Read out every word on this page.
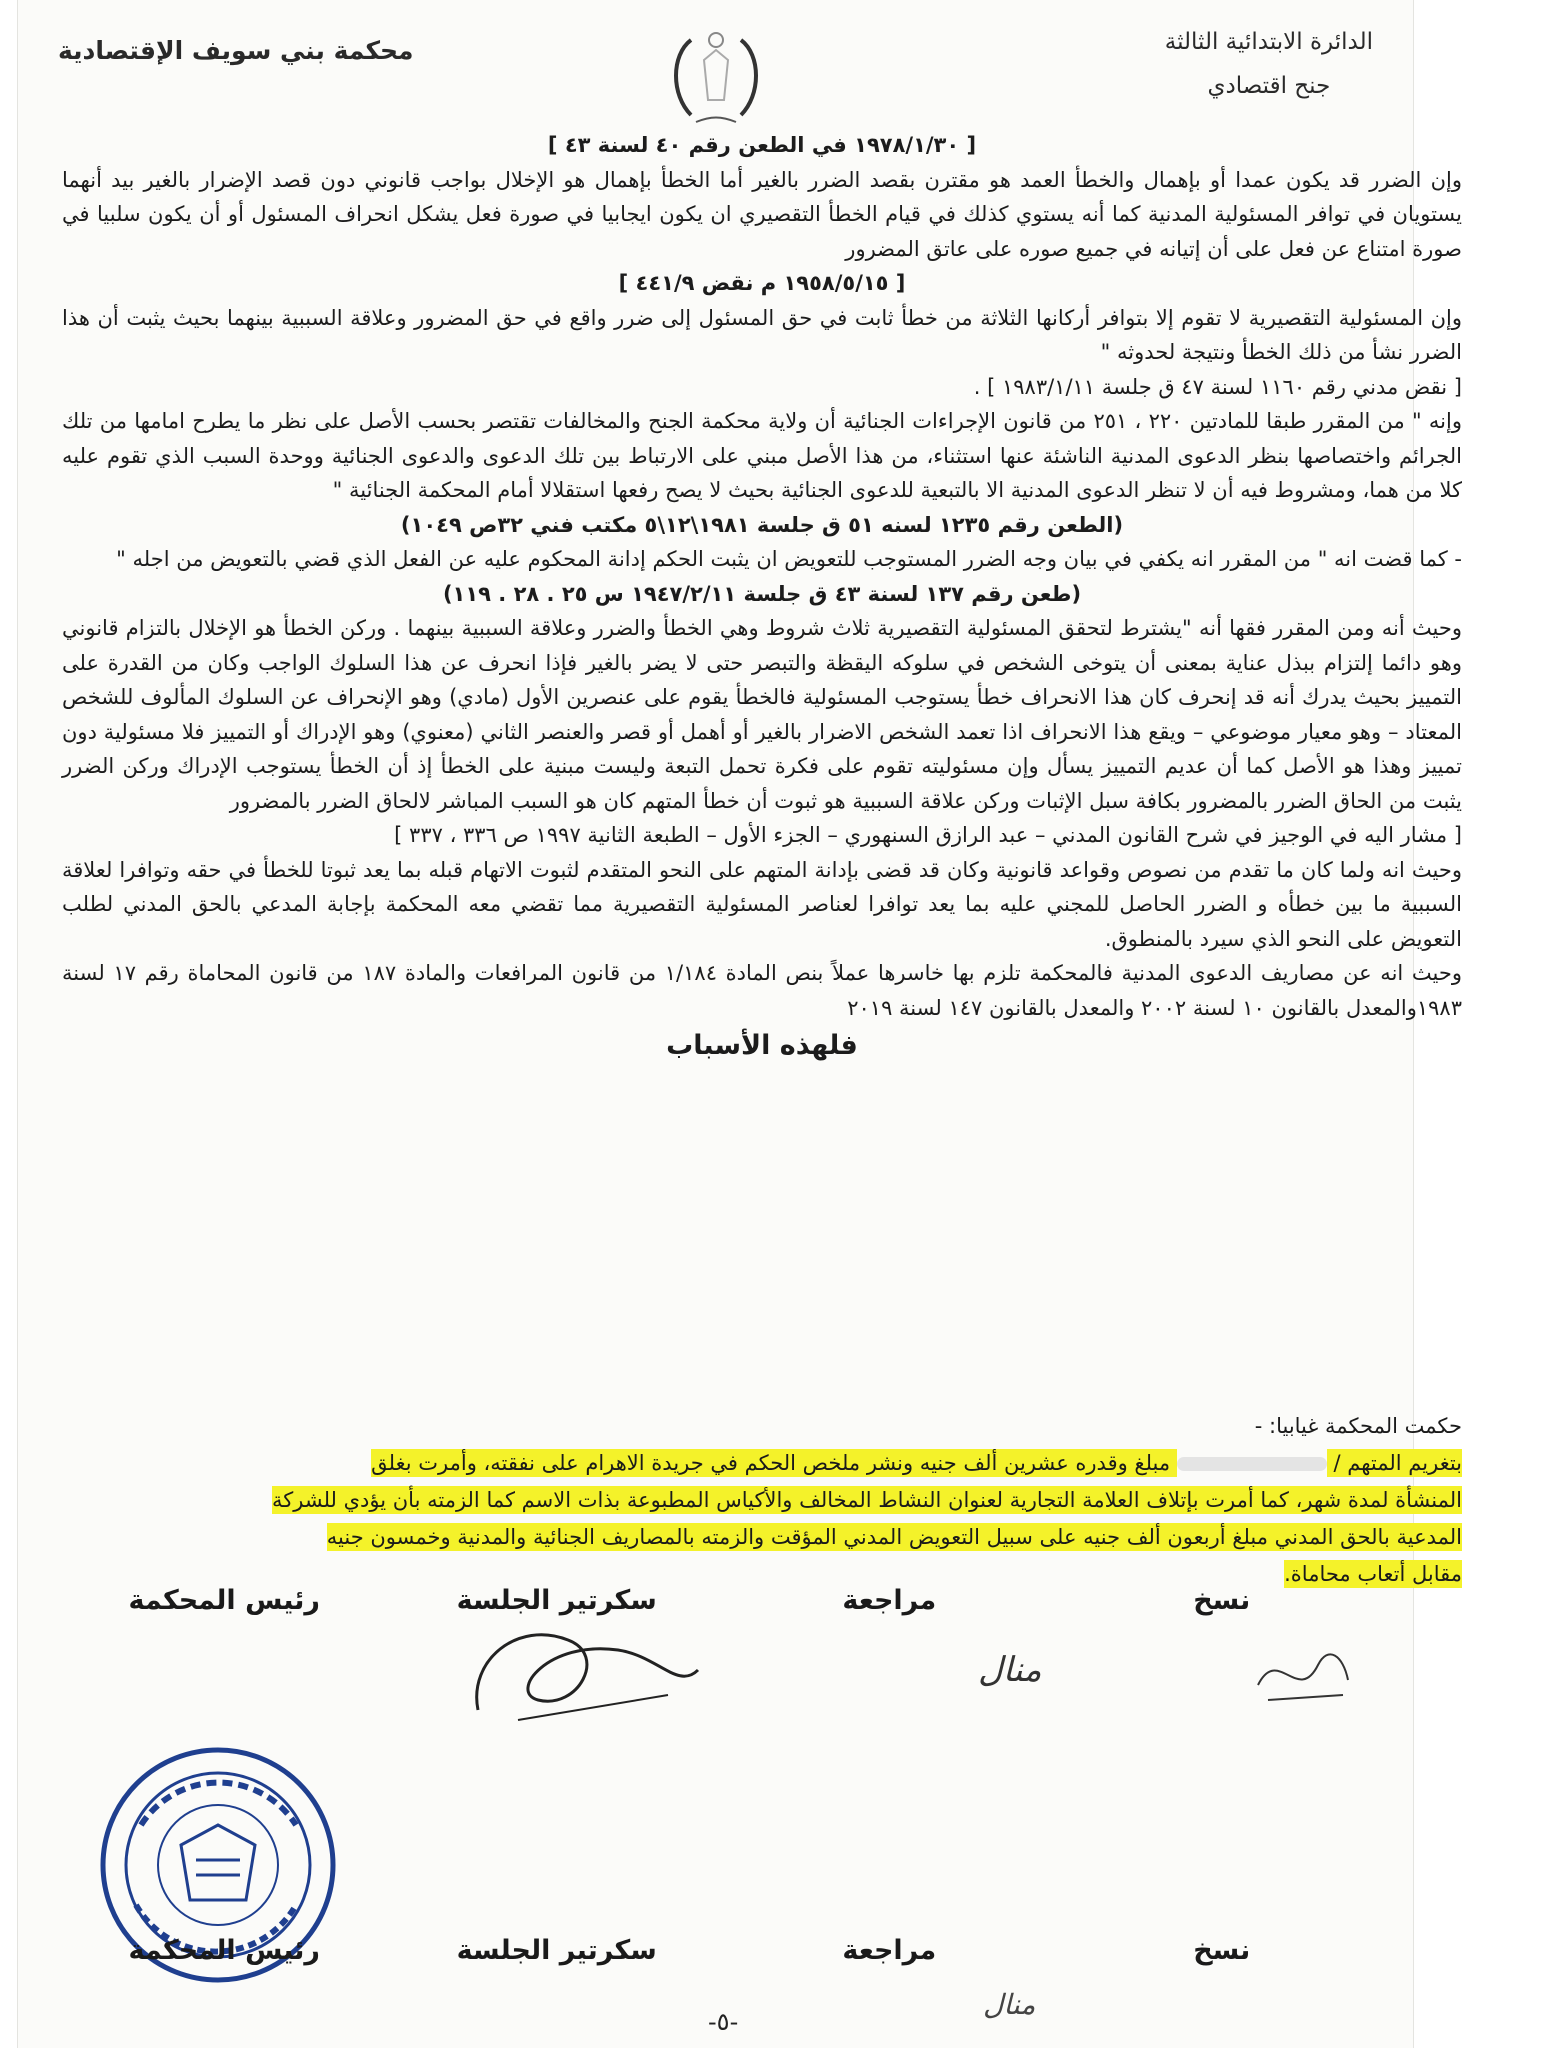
محكمة بني سويف الإقتصادية	الدائرة الابتدائية الثالثة
جنح اقتصادي

[ ١٩٧٨/١/٣٠ في الطعن رقم ٤٠ لسنة ٤٣ ]

وإن الضرر قد يكون عمدا أو بإهمال والخطأ العمد هو مقترن بقصد الضرر بالغير أما الخطأ بإهمال هو الإخلال بواجب قانوني دون قصد الإضرار بالغير بيد أنهما يستويان في توافر المسئولية المدنية كما أنه يستوي كذلك في قيام الخطأ التقصيري ان يكون ايجابيا في صورة فعل يشكل انحراف المسئول أو أن يكون سلبيا في صورة امتناع عن فعل على أن إتيانه في جميع صوره على عاتق المضرور

[ ١٩٥٨/٥/١٥ م نقض ٤٤١/٩ ]

وإن المسئولية التقصيرية لا تقوم إلا بتوافر أركانها الثلاثة من خطأ ثابت في حق المسئول إلى ضرر واقع في حق المضرور وعلاقة السببية بينهما بحيث يثبت أن هذا الضرر نشأ من ذلك الخطأ ونتيجة لحدوثه "

[ نقض مدني رقم ١١٦٠ لسنة ٤٧ ق جلسة ١٩٨٣/١/١١ ] .

وإنه " من المقرر طبقا للمادتين ٢٢٠ ، ٢٥١ من قانون الإجراءات الجنائية أن ولاية محكمة الجنح والمخالفات تقتصر بحسب الأصل على نظر ما يطرح امامها من تلك الجرائم واختصاصها بنظر الدعوى المدنية الناشئة عنها استثناء، من هذا الأصل مبني على الارتباط بين تلك الدعوى والدعوى الجنائية ووحدة السبب الذي تقوم عليه كلا من هما، ومشروط فيه أن لا تنظر الدعوى المدنية الا بالتبعية للدعوى الجنائية بحيث لا يصح رفعها استقلالا أمام المحكمة الجنائية "

(الطعن رقم ١٢٣٥ لسنه ٥١ ق جلسة ١٩٨١\١٢\٥ مكتب فني ٣٢ص ١٠٤٩)

- كما قضت انه " من المقرر انه يكفي في بيان وجه الضرر المستوجب للتعويض ان يثبت الحكم إدانة المحكوم عليه عن الفعل الذي قضي بالتعويض من اجله "

(طعن رقم ١٣٧ لسنة ٤٣ ق جلسة ١٩٤٧/٢/١١ س ٢٥ . ٢٨ . ١١٩)

وحيث أنه ومن المقرر فقها أنه "يشترط لتحقق المسئولية التقصيرية ثلاث شروط وهي الخطأ والضرر وعلاقة السببية بينهما . وركن الخطأ هو الإخلال بالتزام قانوني وهو دائما إلتزام ببذل عناية بمعنى أن يتوخى الشخص في سلوكه اليقظة والتبصر حتى لا يضر بالغير فإذا انحرف عن هذا السلوك الواجب وكان من القدرة على التمييز بحيث يدرك أنه قد إنحرف كان هذا الانحراف خطأ يستوجب المسئولية فالخطأ يقوم على عنصرين الأول (مادي) وهو الإنحراف عن السلوك المألوف للشخص المعتاد – وهو معيار موضوعي – ويقع هذا الانحراف اذا تعمد الشخص الاضرار بالغير أو أهمل أو قصر والعنصر الثاني (معنوي) وهو الإدراك أو التمييز فلا مسئولية دون تمييز وهذا هو الأصل كما أن عديم التمييز يسأل وإن مسئوليته تقوم على فكرة تحمل التبعة وليست مبنية على الخطأ إذ أن الخطأ يستوجب الإدراك وركن الضرر يثبت من الحاق الضرر بالمضرور بكافة سبل الإثبات وركن علاقة السببية هو ثبوت أن خطأ المتهم كان هو السبب المباشر لالحاق الضرر بالمضرور

[ مشار اليه في الوجيز في شرح القانون المدني – عبد الرازق السنهوري – الجزء الأول – الطبعة الثانية ١٩٩٧ ص ٣٣٦ ، ٣٣٧ ]

وحيث انه ولما كان ما تقدم من نصوص وقواعد قانونية وكان قد قضى بإدانة المتهم على النحو المتقدم لثبوت الاتهام قبله بما يعد ثبوتا للخطأ في حقه وتوافرا لعلاقة السببية ما بين خطأه و الضرر الحاصل للمجني عليه بما يعد توافرا لعناصر المسئولية التقصيرية مما تقضي معه المحكمة بإجابة المدعي بالحق المدني لطلب التعويض على النحو الذي سيرد بالمنطوق.

وحيث انه عن مصاريف الدعوى المدنية فالمحكمة تلزم بها خاسرها عملاً بنص المادة ١/١٨٤ من قانون المرافعات والمادة ١٨٧ من قانون المحاماة رقم ١٧ لسنة ١٩٨٣والمعدل بالقانون ١٠ لسنة ٢٠٠٢ والمعدل بالقانون ١٤٧ لسنة ٢٠١٩

فلهذه الأسباب

حكمت المحكمة غيابيا: -

بتغريم المتهم /  مبلغ وقدره عشرين ألف جنيه ونشر ملخص الحكم في جريدة الاهرام على نفقته، وأمرت بغلق

المنشأة لمدة شهر، كما أمرت بإتلاف العلامة التجارية لعنوان النشاط المخالف والأكياس المطبوعة بذات الاسم كما الزمته بأن يؤدي للشركة

المدعية بالحق المدني مبلغ أربعون ألف جنيه على سبيل التعويض المدني المؤقت والزمته بالمصاريف الجنائية والمدنية وخمسون جنيه

مقابل أتعاب محاماة.

نسخ
مراجعة
سكرتير الجلسة
رئيس المحكمة
منال
نسخ
مراجعة
سكرتير الجلسة
رئيس المحكمة
منال
-٥-
